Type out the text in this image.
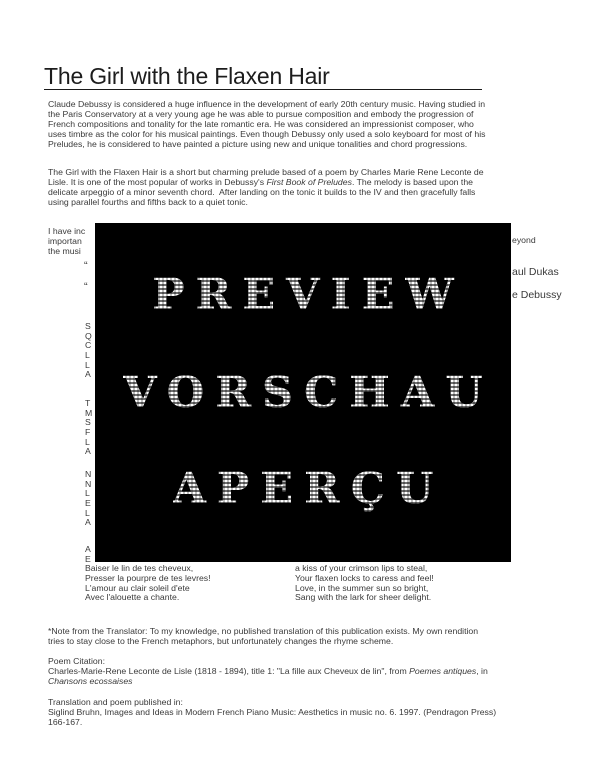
The Girl with the Flaxen Hair
Claude Debussy is considered a huge influence in the development of early 20th century music. Having studied in
the Paris Conservatory at a very young age he was able to pursue composition and embody the progression of
French compositions and tonality for the late romantic era. He was considered an impressionist composer, who
uses timbre as the color for his musical paintings. Even though Debussy only used a solo keyboard for most of his
Preludes, he is considered to have painted a picture using new and unique tonalities and chord progressions.
The Girl with the Flaxen Hair is a short but charming prelude based of a poem by Charles Marie Rene Leconte de
Lisle. It is one of the most popular of works in Debussy's First Book of Preludes. The melody is based upon the
delicate arpeggio of a minor seventh chord.  After landing on the tonic it builds to the IV and then gracefully falls
using parallel fourths and fifths back to a quiet tonic.
I have inc
importan
the musi
“
“
eyond
aul Dukas
e Debussy
S
Q
C
L
L
A
T
M
S
F
L
A
N
N
L
E
L
A
A
E
Baiser le lin de tes cheveux,
Presser la pourpre de tes levres!
L'amour au clair soleil d'ete
Avec l'alouette a chante.
a kiss of your crimson lips to steal,
Your flaxen locks to caress and feel!
Love, in the summer sun so bright,
Sang with the lark for sheer delight.
PREVIEW
VORSCHAU
APERÇU
*Note from the Translator: To my knowledge, no published translation of this publication exists. My own rendition
tries to stay close to the French metaphors, but unfortunately changes the rhyme scheme.
Poem Citation:
Charles-Marie-Rene Leconte de Lisle (1818 - 1894), title 1: "La fille aux Cheveux de lin", from Poemes antiques, in
Chansons ecossaises
Translation and poem published in:
Siglind Bruhn, Images and Ideas in Modern French Piano Music: Aesthetics in music no. 6. 1997. (Pendragon Press)
166-167.
